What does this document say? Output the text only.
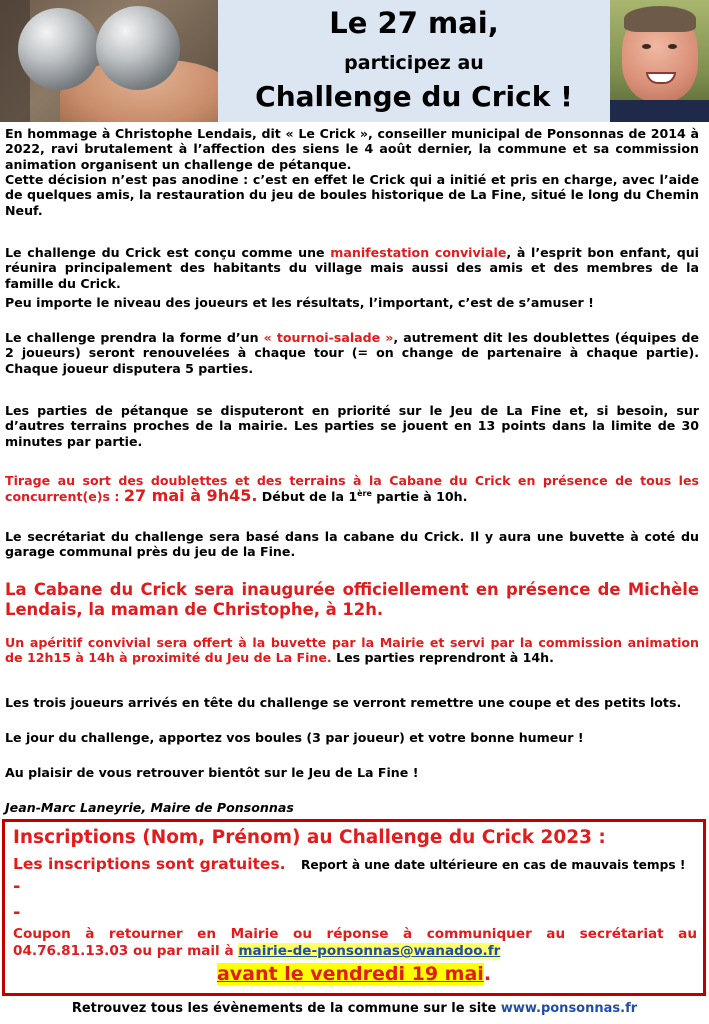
Le 27 mai,
participez au
Challenge du Crick !
En hommage à Christophe Lendais, dit « Le Crick », conseiller municipal de Ponsonnas de 2014 à 2022, ravi brutalement à l’affection des siens le 4 août dernier, la commune et sa commission animation organisent un challenge de pétanque.
Cette décision n’est pas anodine : c’est en effet le Crick qui a initié et pris en charge, avec l’aide de quelques amis, la restauration du jeu de boules historique de La Fine, situé le long du Chemin Neuf.
Le challenge du Crick est conçu comme une manifestation conviviale, à l’esprit bon enfant, qui réunira principalement des habitants du village mais aussi des amis et des membres de la famille du Crick.
Peu importe le niveau des joueurs et les résultats, l’important, c’est de s’amuser !
Le challenge prendra la forme d’un « tournoi-salade », autrement dit les doublettes (équipes de 2 joueurs) seront renouvelées à chaque tour (= on change de partenaire à chaque partie). Chaque joueur disputera 5 parties.
Les parties de pétanque se disputeront en priorité sur le Jeu de La Fine et, si besoin, sur d’autres terrains proches de la mairie. Les parties se jouent en 13 points dans la limite de 30 minutes par partie.
Tirage au sort des doublettes et des terrains à la Cabane du Crick en présence de tous les concurrent(e)s : 27 mai à 9h45. Début de la 1ère partie à 10h.
Le secrétariat du challenge sera basé dans la cabane du Crick. Il y aura une buvette à coté du garage communal près du jeu de la Fine.
La Cabane du Crick sera inaugurée officiellement en présence de Michèle Lendais, la maman de Christophe, à 12h.
Un apéritif convivial sera offert à la buvette par la Mairie et servi par la commission animation de 12h15 à 14h à proximité du Jeu de La Fine. Les parties reprendront à 14h.
Les trois joueurs arrivés en tête du challenge se verront remettre une coupe et des petits lots.
Le jour du challenge, apportez vos boules (3 par joueur) et votre bonne humeur !
Au plaisir de vous retrouver bientôt sur le Jeu de La Fine !
Jean-Marc Laneyrie, Maire de Ponsonnas
Inscriptions (Nom, Prénom) au Challenge du Crick 2023 :
Les inscriptions sont gratuites. Report à une date ultérieure en cas de mauvais temps !
-
-
Coupon à retourner en Mairie ou réponse à communiquer au secrétariat au 04.76.81.13.03 ou par mail à mairie-de-ponsonnas@wanadoo.fr
avant le vendredi 19 mai.
Retrouvez tous les évènements de la commune sur le site www.ponsonnas.fr
